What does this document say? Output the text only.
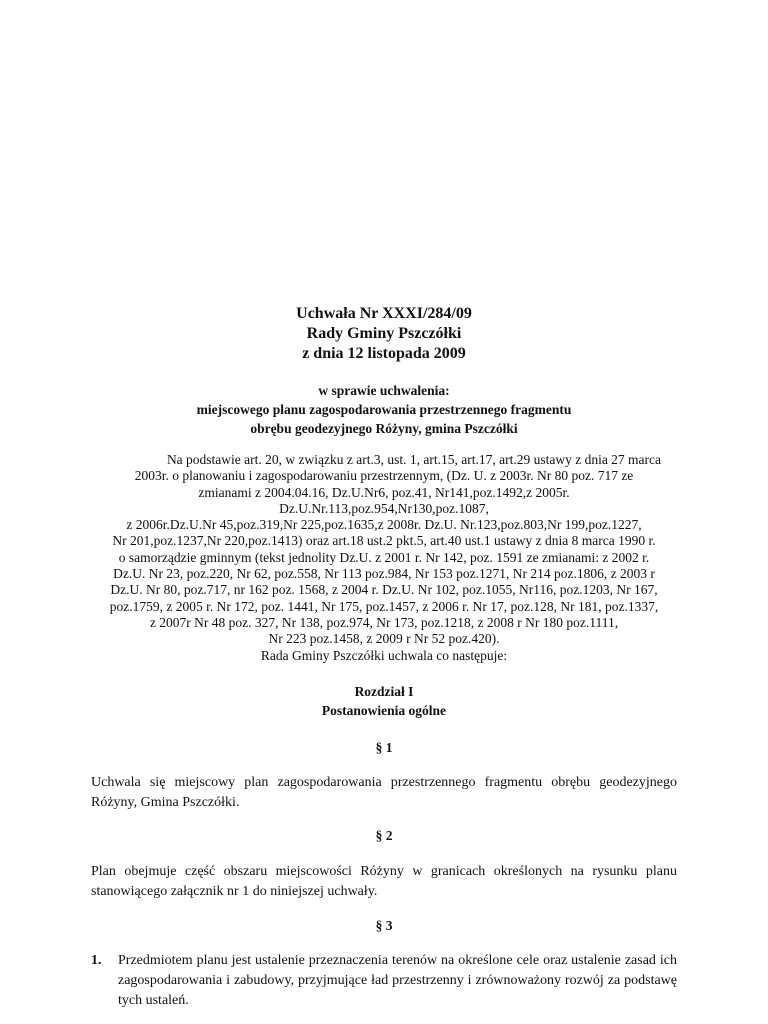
Uchwała Nr XXXI/284/09
Rady Gminy Pszczółki
z dnia 12 listopada 2009
w sprawie uchwalenia:
miejscowego planu zagospodarowania przestrzennego fragmentu
obrębu geodezyjnego Różyny, gmina Pszczółki
Na podstawie art. 20, w związku z art.3, ust. 1, art.15, art.17, art.29 ustawy z dnia 27 marca
2003r. o planowaniu i zagospodarowaniu przestrzennym, (Dz. U. z 2003r. Nr 80 poz. 717 ze
zmianami z 2004.04.16, Dz.U.Nr6, poz.41, Nr141,poz.1492,z 2005r.
Dz.U.Nr.113,poz.954,Nr130,poz.1087,
z 2006r.Dz.U.Nr 45,poz.319,Nr 225,poz.1635,z 2008r. Dz.U. Nr.123,poz.803,Nr 199,poz.1227,
Nr 201,poz.1237,Nr 220,poz.1413) oraz art.18 ust.2 pkt.5, art.40 ust.1 ustawy z dnia 8 marca 1990 r.
o samorządzie gminnym (tekst jednolity Dz.U. z 2001 r. Nr 142, poz. 1591 ze zmianami: z 2002 r.
Dz.U. Nr 23, poz.220, Nr 62, poz.558, Nr 113 poz.984, Nr 153 poz.1271, Nr 214 poz.1806, z 2003 r
Dz.U. Nr 80, poz.717, nr 162 poz. 1568, z 2004 r. Dz.U. Nr 102, poz.1055, Nr116, poz.1203, Nr 167,
poz.1759, z 2005 r. Nr 172, poz. 1441, Nr 175, poz.1457, z 2006 r. Nr 17, poz.128, Nr 181, poz.1337,
z 2007r Nr 48 poz. 327, Nr 138, poz.974, Nr 173, poz.1218, z 2008 r Nr 180 poz.1111,
Nr 223 poz.1458, z 2009 r Nr 52 poz.420).
Rada Gminy Pszczółki uchwala co następuje:
Rozdział I
Postanowienia ogólne
§ 1
Uchwala się miejscowy plan zagospodarowania przestrzennego fragmentu obrębu geodezyjnego Różyny, Gmina Pszczółki.
§ 2
Plan obejmuje część obszaru miejscowości Różyny w granicach określonych na rysunku planu stanowiącego załącznik nr 1 do niniejszej uchwały.
§ 3
1. Przedmiotem planu jest ustalenie przeznaczenia terenów na określone cele oraz ustalenie zasad ich zagospodarowania i zabudowy, przyjmujące ład przestrzenny i zrównoważony rozwój za podstawę tych ustaleń.
